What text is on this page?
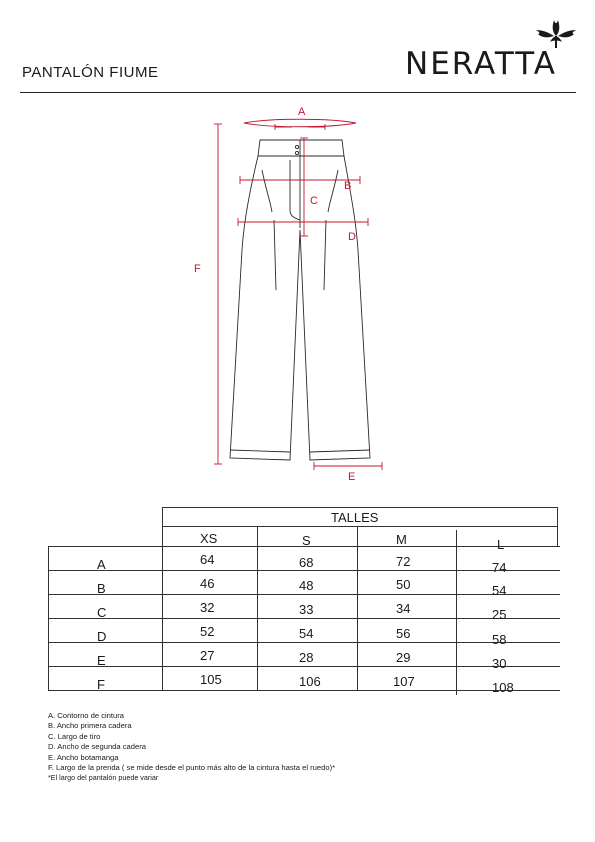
PANTALÓN FIUME	NERATTA
A
B
C
D
E
F
TALLES
XS	S	M	L
A	64	68	72	74
B	46	48	50	54
C	32	33	34	25
D	52	54	56	58
E	27	28	29	30
F	105	106	107	108
A. Contorno de cintura
B. Ancho primera cadera
C. Largo de tiro
D. Ancho de segunda cadera
E. Ancho botamanga
F. Largo de la prenda ( se mide desde el punto más alto de la cintura hasta el ruedo)*
*El largo del pantalón puede variar
